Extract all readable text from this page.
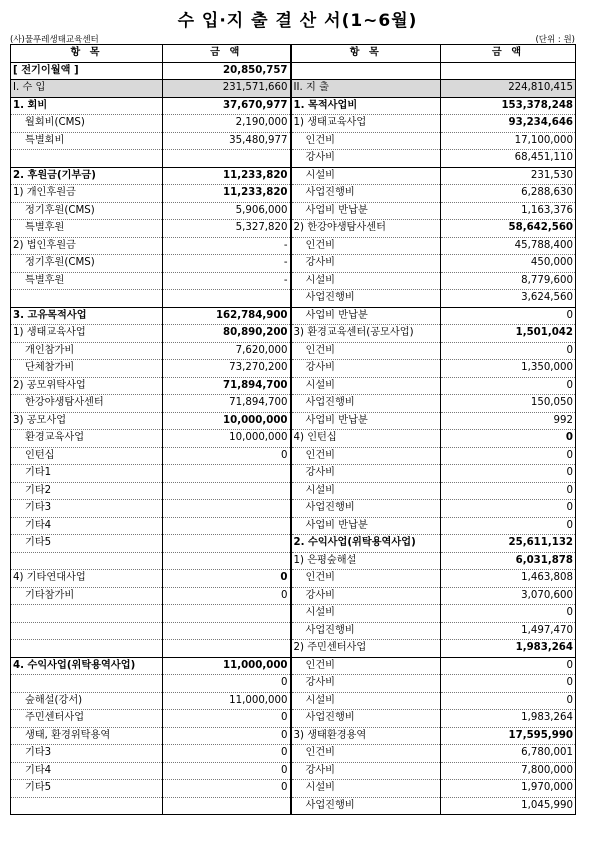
수 입·지 출 결 산 서(1~6월)
(사)물푸레생태교육센터	(단위 : 원)
항 목	금 액	항 목	금 액
[ 전기이월액 ]	20,850,757		
I. 수 입	231,571,660	II. 지 출	224,810,415
1. 회비	37,670,977	1. 목적사업비	153,378,248
월회비(CMS)	2,190,000	1) 생태교육사업	93,234,646
특별회비	35,480,977	인건비	17,100,000
		강사비	68,451,110
2. 후원금(기부금)	11,233,820	시설비	231,530
1) 개인후원금	11,233,820	사업진행비	6,288,630
정기후원(CMS)	5,906,000	사업비 반납분	1,163,376
특별후원	5,327,820	2) 한강야생탐사센터	58,642,560
2) 법인후원금	-	인건비	45,788,400
정기후원(CMS)	-	강사비	450,000
특별후원	-	시설비	8,779,600
		사업진행비	3,624,560
3. 고유목적사업	162,784,900	사업비 반납분	0
1) 생태교육사업	80,890,200	3) 환경교육센터(공모사업)	1,501,042
개인참가비	7,620,000	인건비	0
단체참가비	73,270,200	강사비	1,350,000
2) 공모위탁사업	71,894,700	시설비	0
한강야생탐사센터	71,894,700	사업진행비	150,050
3) 공모사업	10,000,000	사업비 반납분	992
환경교육사업	10,000,000	4) 인턴십	0
인턴십	0	인건비	0
기타1		강사비	0
기타2		시설비	0
기타3		사업진행비	0
기타4		사업비 반납분	0
기타5		2. 수익사업(위탁용역사업)	25,611,132
		1) 은평숲해설	6,031,878
4) 기타연대사업	0	인건비	1,463,808
기타참가비	0	강사비	3,070,600
		시설비	0
		사업진행비	1,497,470
		2) 주민센터사업	1,983,264
4. 수익사업(위탁용역사업)	11,000,000	인건비	0
	0	강사비	0
숲해설(강서)	11,000,000	시설비	0
주민센터사업	0	사업진행비	1,983,264
생태, 환경위탁용역	0	3) 생태환경용역	17,595,990
기타3	0	인건비	6,780,001
기타4	0	강사비	7,800,000
기타5	0	시설비	1,970,000
		사업진행비	1,045,990
